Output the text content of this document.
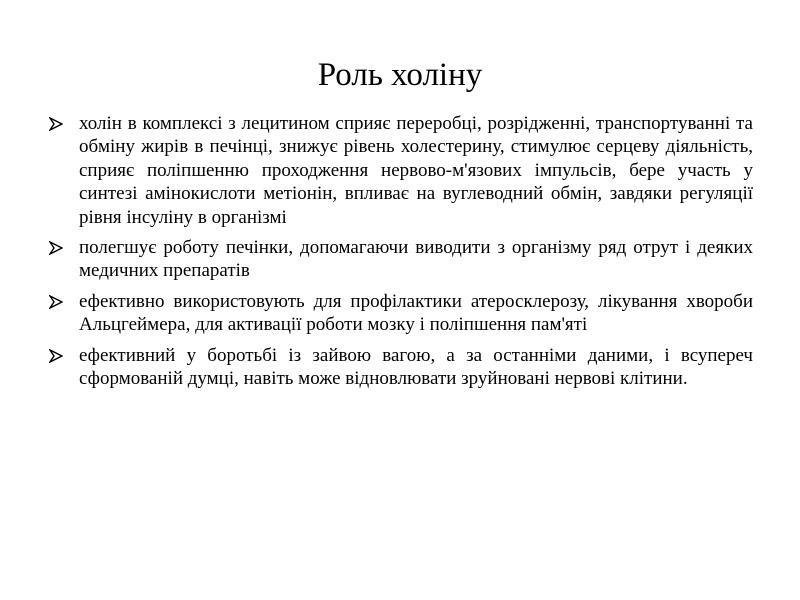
Роль холіну
холін в комплексі з лецитином сприяє переробці, розрідженні, транспортуванні та обміну жирів в печінці, знижує рівень холестерину, стимулює серцеву діяльність, сприяє поліпшенню проходження нервово-м'язових імпульсів, бере участь у синтезі амінокислоти метіонін, впливає на вуглеводний обмін, завдяки регуляції рівня інсуліну в організмі
полегшує роботу печінки, допомагаючи виводити з організму ряд отрут і деяких медичних препаратів
ефективно використовують для профілактики атеросклерозу, лікування хвороби Альцгеймера, для активації роботи мозку і поліпшення пам'яті
ефективний у боротьбі із зайвою вагою, а за останніми даними, і всупереч сформованій думці, навіть може відновлювати зруйновані нервові клітини.
